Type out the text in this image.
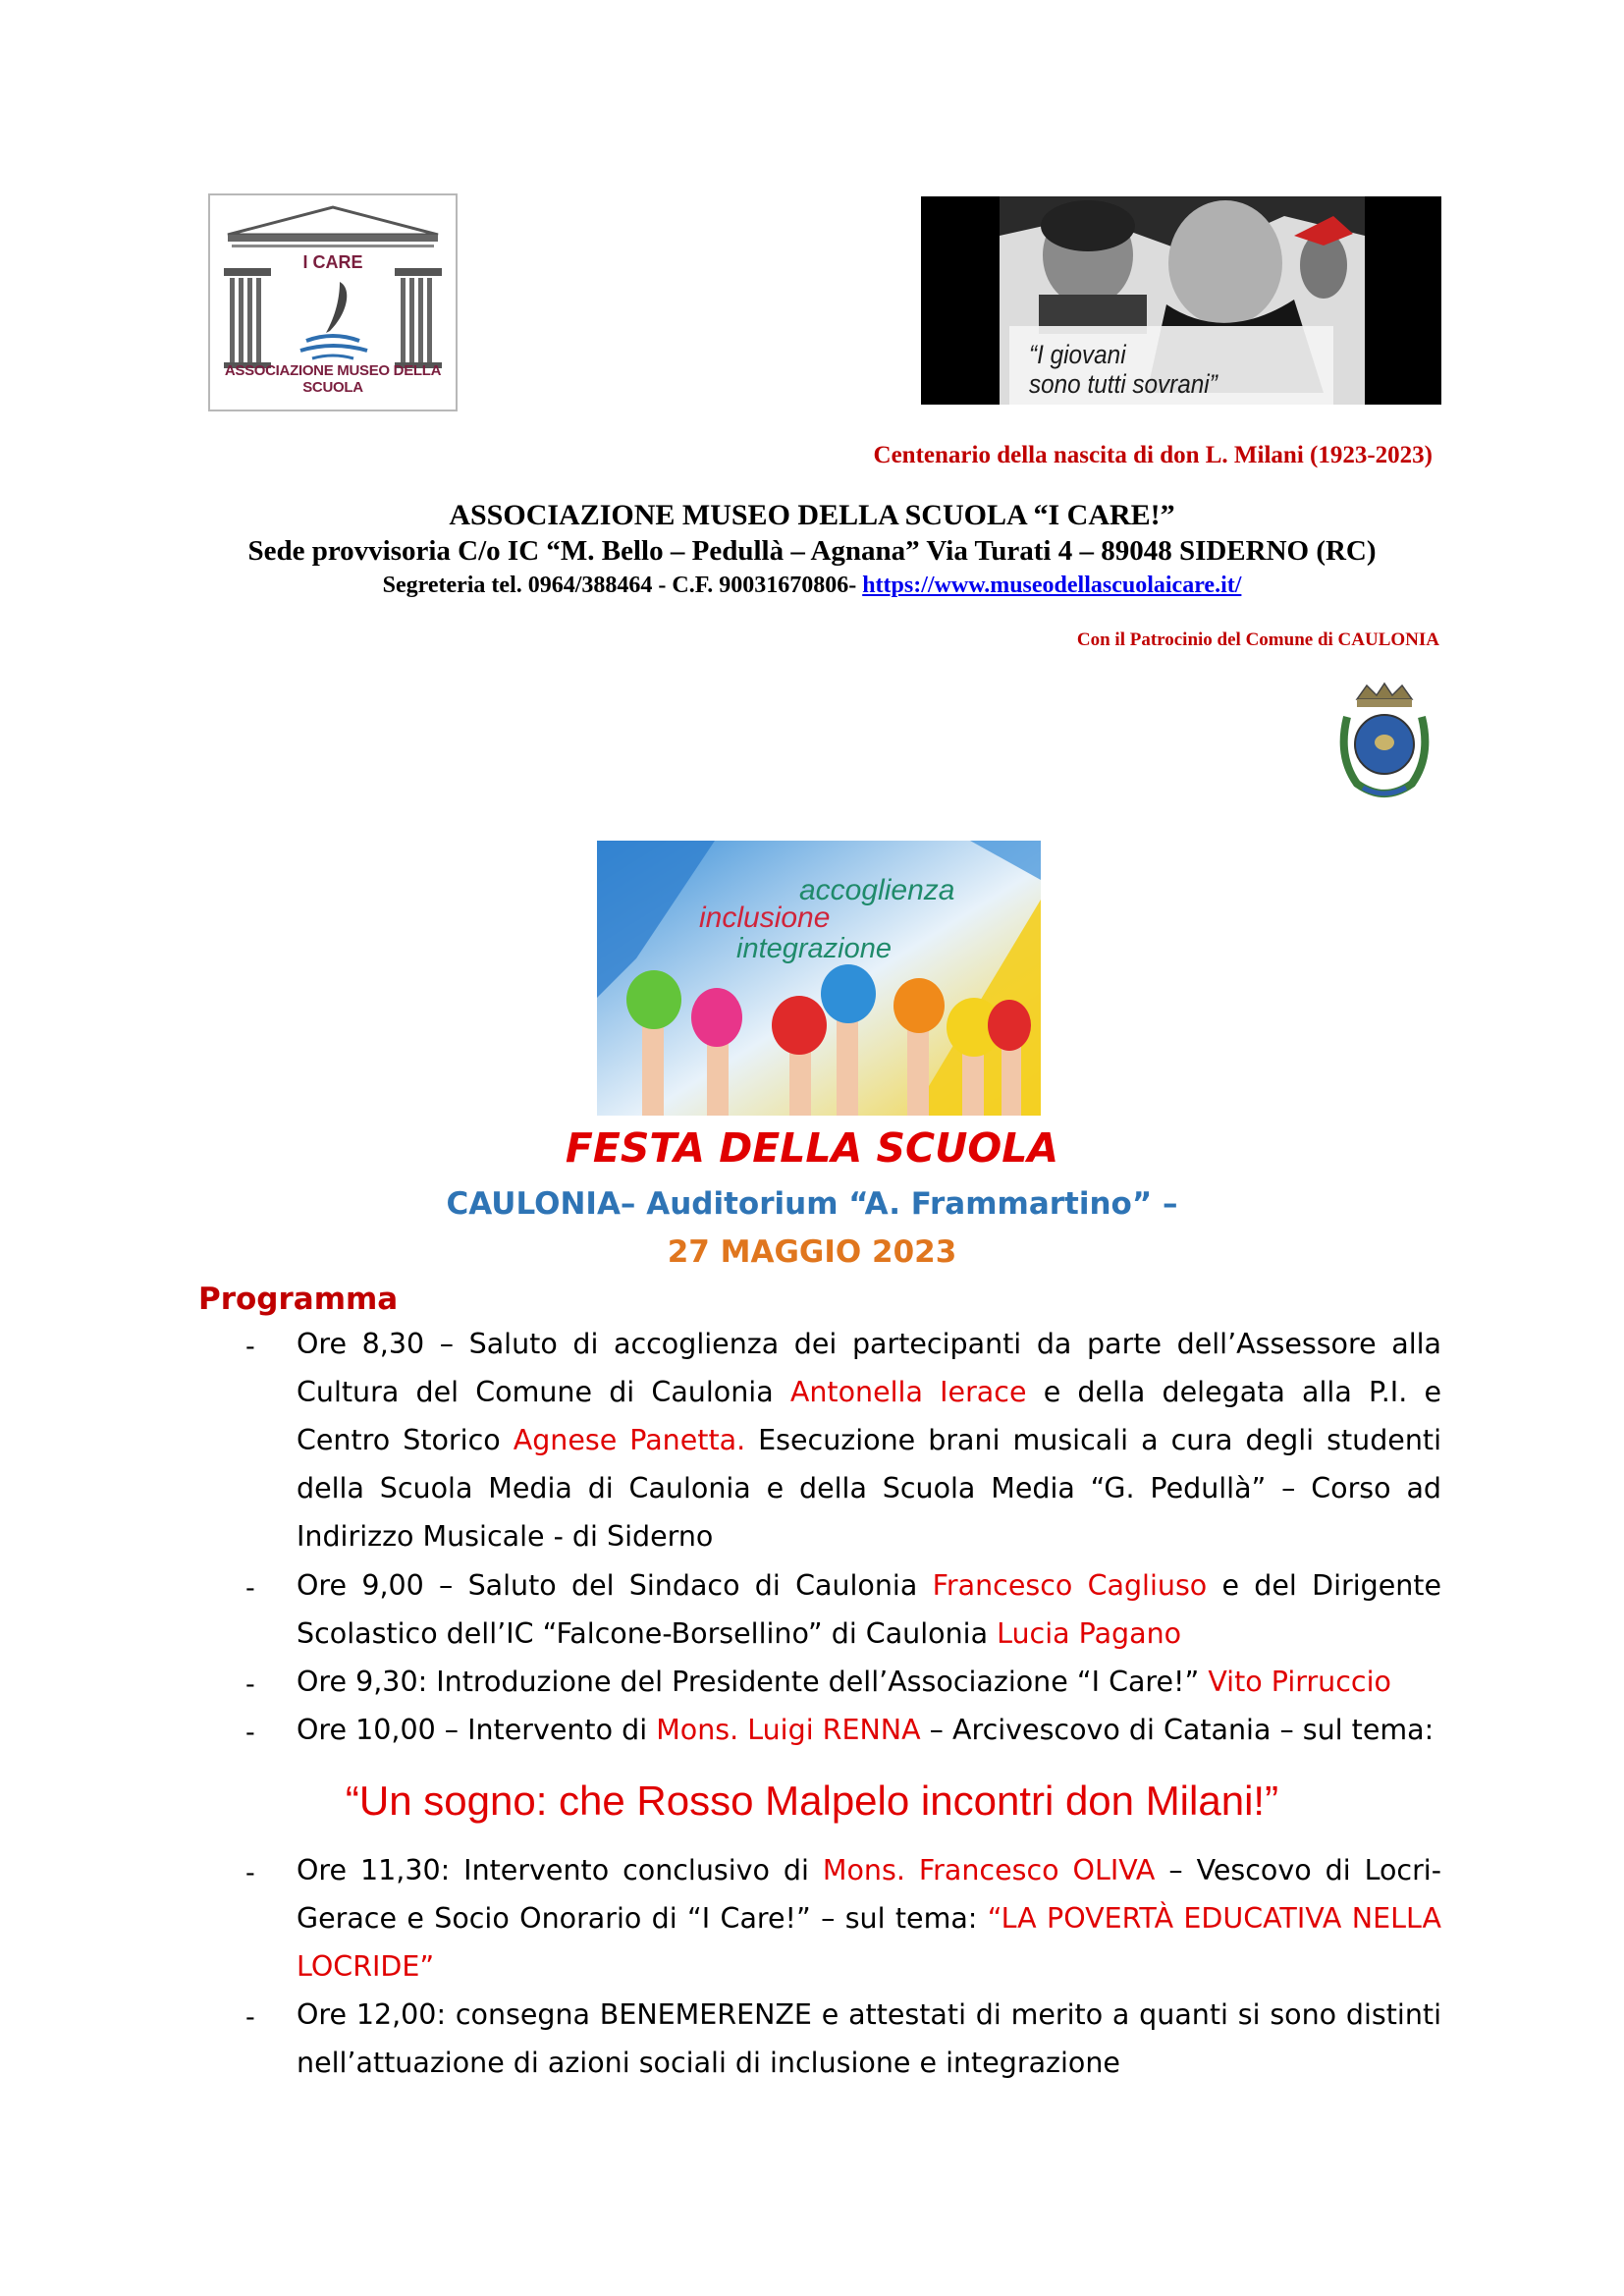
I CARE
ASSOCIAZIONE MUSEO DELLA SCUOLA
“I giovani
sono tutti sovrani”
Centenario della nascita di don L. Milani (1923-2023)
ASSOCIAZIONE MUSEO DELLA SCUOLA “I CARE!”
Sede provvisoria C/o IC “M. Bello – Pedullà – Agnana” Via Turati 4 – 89048 SIDERNO (RC)
Segreteria tel. 0964/388464 - C.F. 90031670806- https://www.museodellascuolaicare.it/
Con il Patrocinio del Comune di CAULONIA
accoglienza
inclusione
integrazione
FESTA DELLA SCUOLA
CAULONIA– Auditorium “A. Frammartino” –
27 MAGGIO 2023
Programma
- Ore 8,30 – Saluto di accoglienza dei partecipanti da parte dell’Assessore alla Cultura del Comune di Caulonia Antonella Ierace e della delegata alla P.I. e Centro Storico Agnese Panetta. Esecuzione brani musicali a cura degli studenti della Scuola Media di Caulonia e della Scuola Media “G. Pedullà” – Corso ad Indirizzo Musicale - di Siderno
- Ore 9,00 – Saluto del Sindaco di Caulonia Francesco Cagliuso e del Dirigente Scolastico dell’IC “Falcone-Borsellino” di Caulonia Lucia Pagano
- Ore 9,30: Introduzione del Presidente dell’Associazione “I Care!” Vito Pirruccio
- Ore 10,00 – Intervento di Mons. Luigi RENNA – Arcivescovo di Catania – sul tema:
“Un sogno: che Rosso Malpelo incontri don Milani!”
- Ore 11,30: Intervento conclusivo di Mons. Francesco OLIVA – Vescovo di Locri-Gerace e Socio Onorario di “I Care!” – sul tema: “LA POVERTÀ EDUCATIVA NELLA LOCRIDE”
- Ore 12,00: consegna BENEMERENZE e attestati di merito a quanti si sono distinti nell’attuazione di azioni sociali di inclusione e integrazione
